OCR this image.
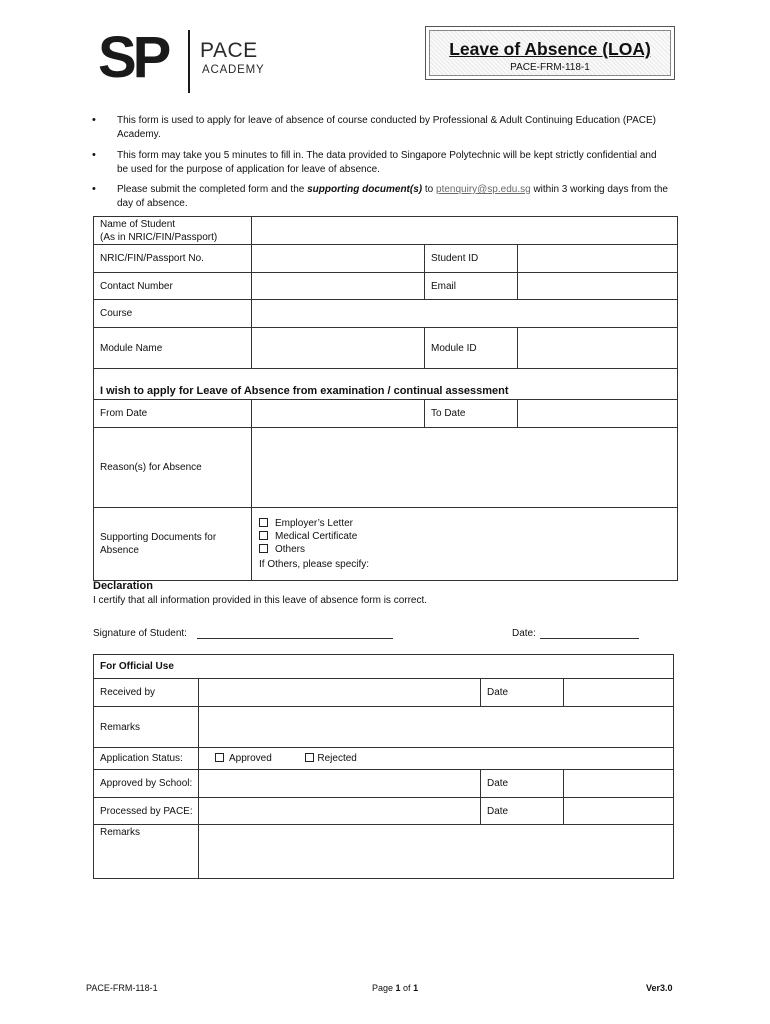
SP PACE
ACADEMY
Leave of Absence (LOA)
PACE-FRM-118-1
•	This form is used to apply for leave of absence of course conducted by Professional & Adult Continuing Education (PACE) Academy.
•	This form may take you 5 minutes to fill in. The data provided to Singapore Polytechnic will be kept strictly confidential and be used for the purpose of application for leave of absence.
•	Please submit the completed form and the supporting document(s) to ptenquiry@sp.edu.sg within 3 working days from the day of absence.
Name of Student
(As in NRIC/FIN/Passport)			

NRIC/FIN/Passport No.		Student ID	
Contact Number		Email	
Course			
Module Name		Module ID	
I wish to apply for Leave of Absence from examination / continual assessment			
From Date		To Date	
Reason(s) for Absence			
Supporting Documents for Absence	Employer’s Letter
Medical Certificate
Others
If Others, please specify:		
Declaration
I certify that all information provided in this leave of absence form is correct.
Signature of Student:	Date:
For Official Use			
Received by		Date	
Remarks			
Application Status:	Approved Rejected		
Approved by School:		Date	
Processed by PACE:		Date	
Remarks			
PACE-FRM-118-1	Page 1 of 1	Ver3.0
